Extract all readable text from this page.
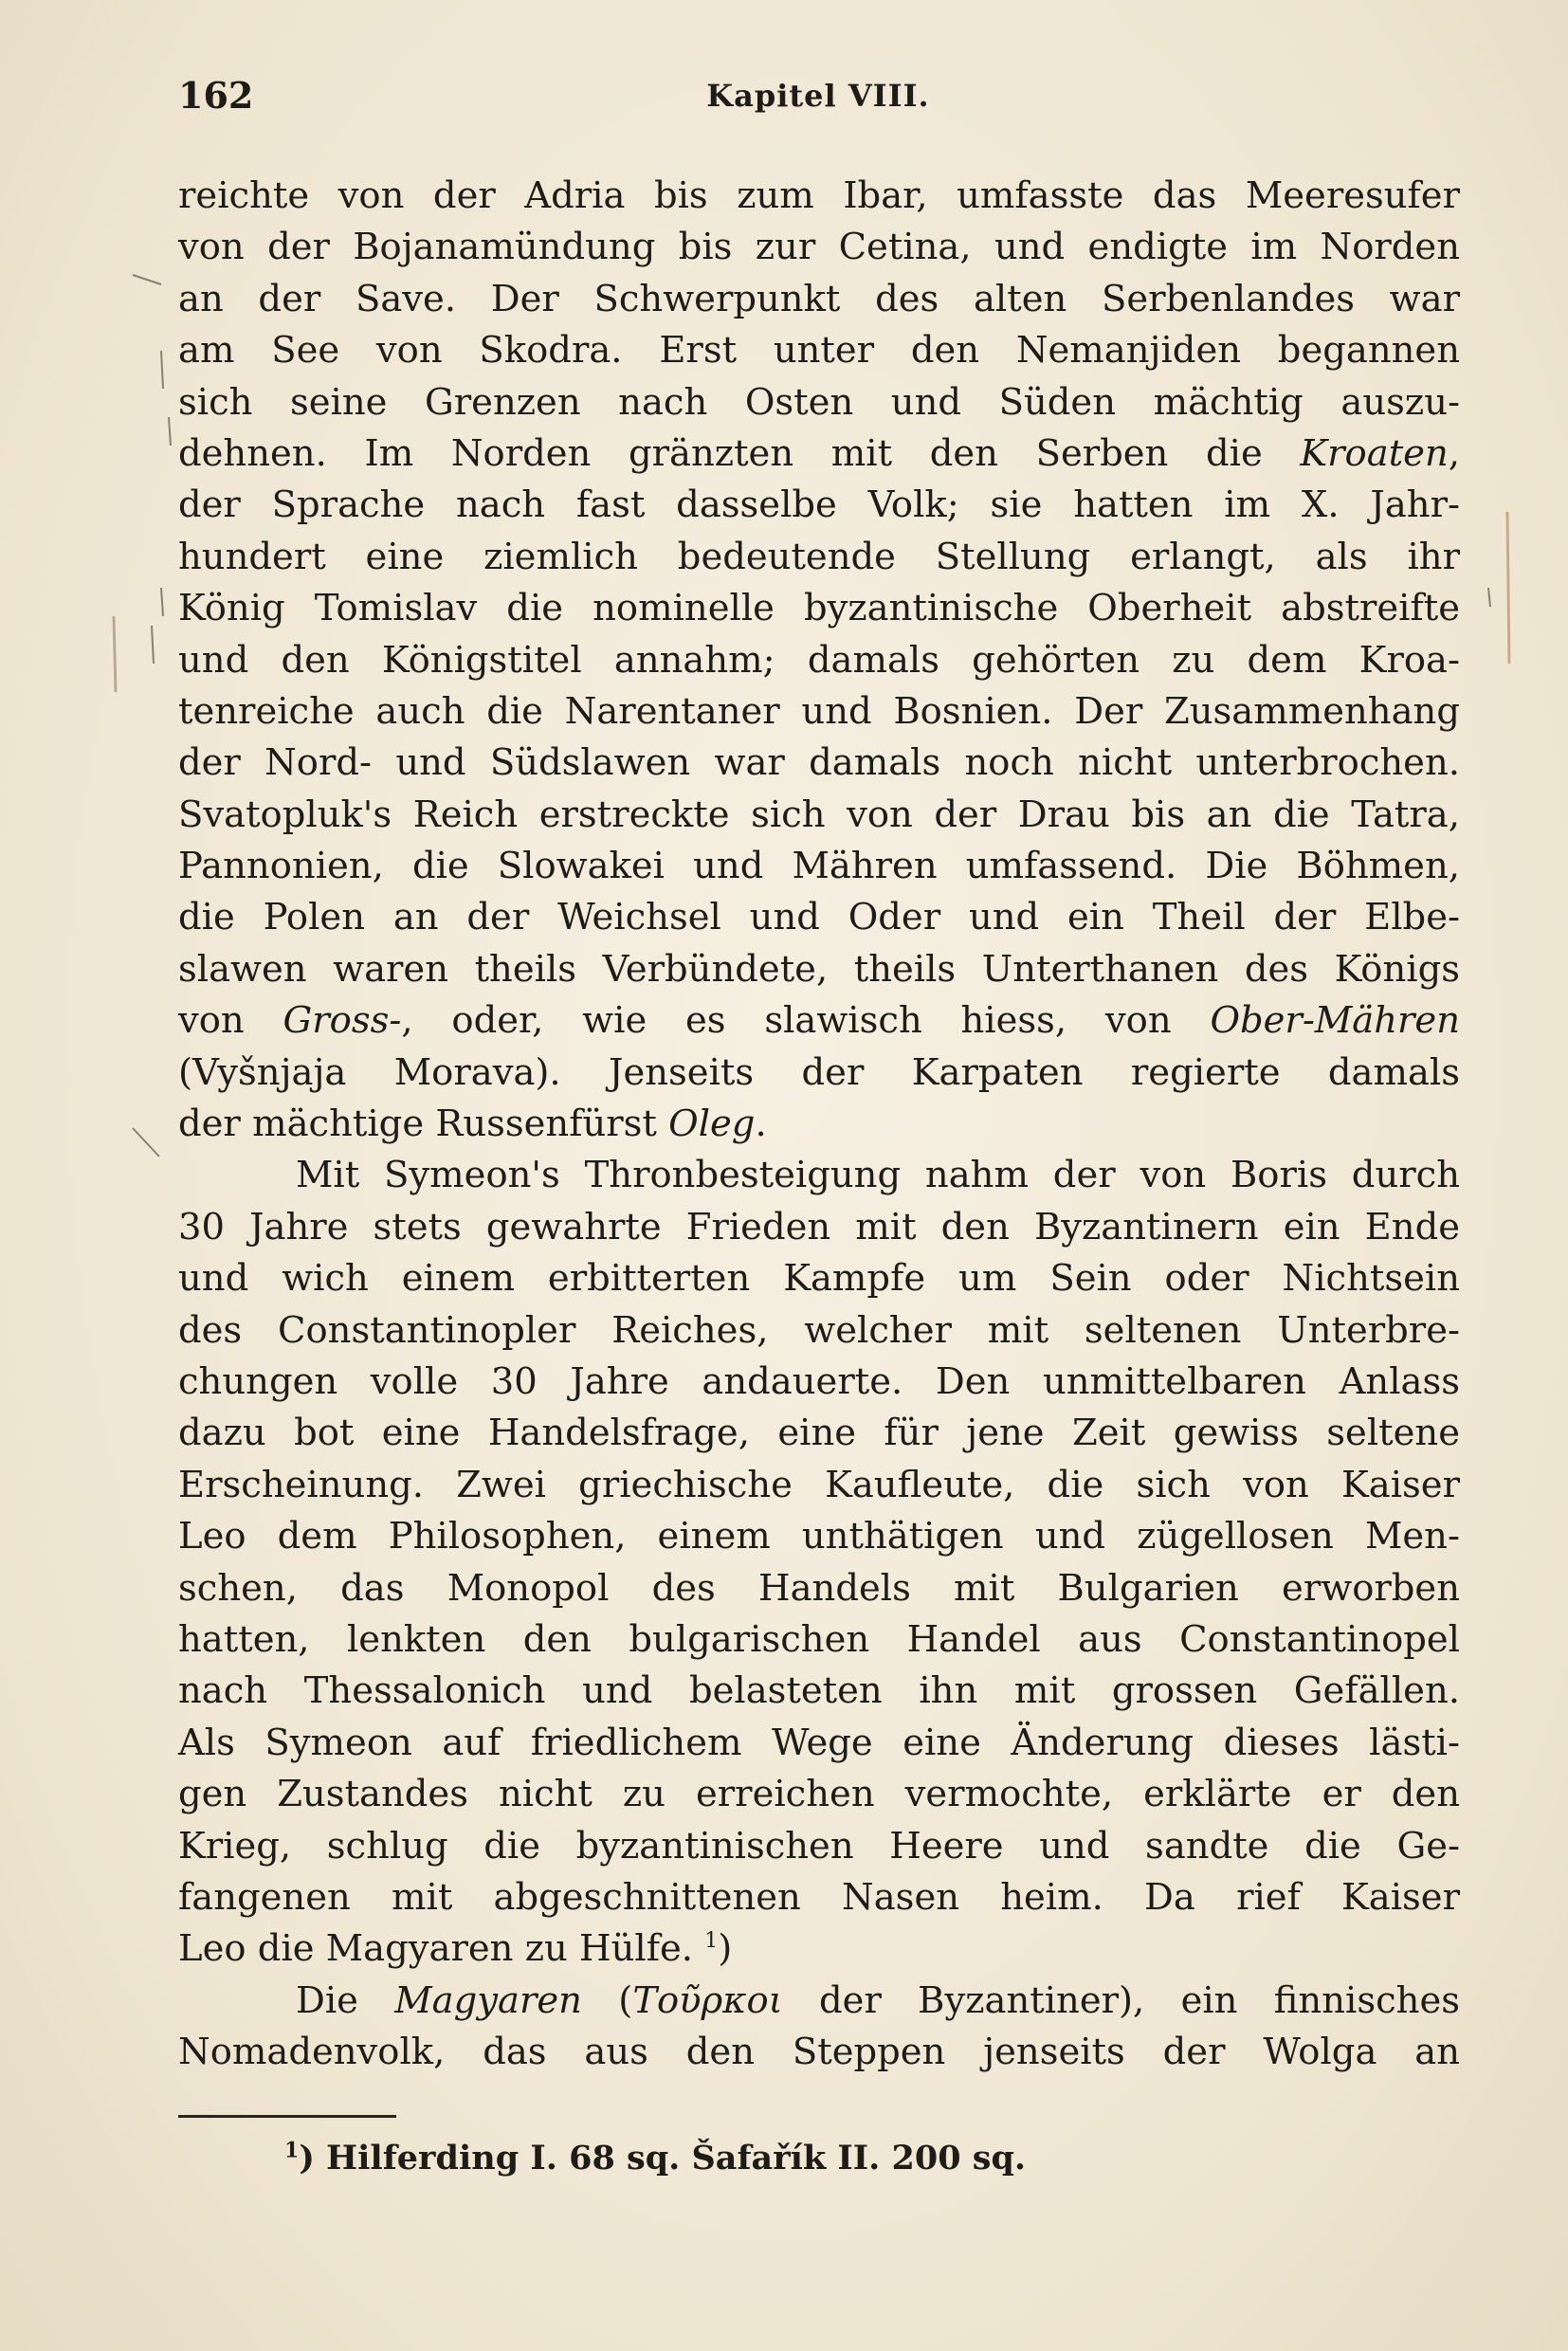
162	Kapitel VIII.
reichte von der Adria bis zum Ibar, umfasste das Meeresufer
von der Bojanamündung bis zur Cetina, und endigte im Norden
an der Save. Der Schwerpunkt des alten Serbenlandes war
am See von Skodra. Erst unter den Nemanjiden begannen
sich seine Grenzen nach Osten und Süden mächtig auszu-
dehnen. Im Norden gränzten mit den Serben die Kroaten,
der Sprache nach fast dasselbe Volk; sie hatten im X. Jahr-
hundert eine ziemlich bedeutende Stellung erlangt, als ihr
König Tomislav die nominelle byzantinische Oberheit abstreifte
und den Königstitel annahm; damals gehörten zu dem Kroa-
tenreiche auch die Narentaner und Bosnien. Der Zusammenhang
der Nord- und Südslawen war damals noch nicht unterbrochen.
Svatopluk's Reich erstreckte sich von der Drau bis an die Tatra,
Pannonien, die Slowakei und Mähren umfassend. Die Böhmen,
die Polen an der Weichsel und Oder und ein Theil der Elbe-
slawen waren theils Verbündete, theils Unterthanen des Königs
von Gross-, oder, wie es slawisch hiess, von Ober-Mähren
(Vyšnjaja Morava). Jenseits der Karpaten regierte damals
der mächtige Russenfürst Oleg.
Mit Symeon's Thronbesteigung nahm der von Boris durch
30 Jahre stets gewahrte Frieden mit den Byzantinern ein Ende
und wich einem erbitterten Kampfe um Sein oder Nichtsein
des Constantinopler Reiches, welcher mit seltenen Unterbre-
chungen volle 30 Jahre andauerte. Den unmittelbaren Anlass
dazu bot eine Handelsfrage, eine für jene Zeit gewiss seltene
Erscheinung. Zwei griechische Kaufleute, die sich von Kaiser
Leo dem Philosophen, einem unthätigen und zügellosen Men-
schen, das Monopol des Handels mit Bulgarien erworben
hatten, lenkten den bulgarischen Handel aus Constantinopel
nach Thessalonich und belasteten ihn mit grossen Gefällen.
Als Symeon auf friedlichem Wege eine Änderung dieses lästi-
gen Zustandes nicht zu erreichen vermochte, erklärte er den
Krieg, schlug die byzantinischen Heere und sandte die Ge-
fangenen mit abgeschnittenen Nasen heim. Da rief Kaiser
Leo die Magyaren zu Hülfe. $^1$)
Die Magyaren (Τοῦρκοι der Byzantiner), ein finnisches
Nomadenvolk, das aus den Steppen jenseits der Wolga an
$^1$) Hilferding I. 68 sq. Šafařík II. 200 sq.
